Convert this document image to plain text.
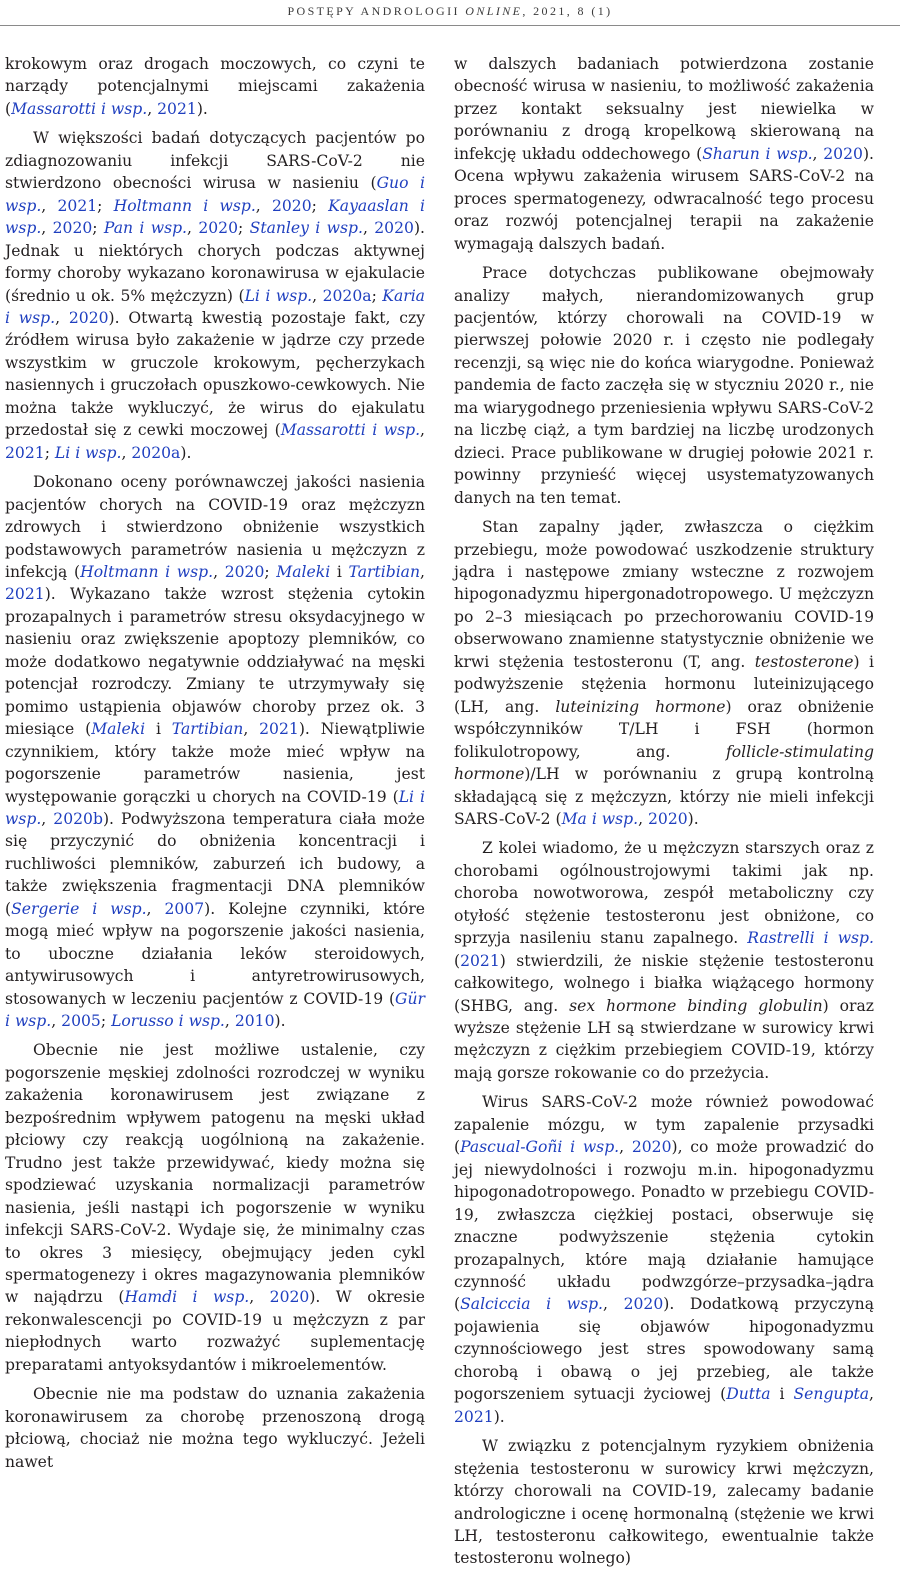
POSTĘPY ANDROLOGII ONLINE, 2021, 8 (1)

krokowym oraz drogach moczowych, co czyni te narządy potencjalnymi miejscami zakażenia (Massarotti i wsp., 2021).

W większości badań dotyczących pacjentów po zdiagnozowaniu infekcji SARS-CoV-2 nie stwierdzono obecności wirusa w nasieniu (Guo i wsp., 2021; Holtmann i wsp., 2020; Kayaaslan i wsp., 2020; Pan i wsp., 2020; Stanley i wsp., 2020). Jednak u niektórych chorych podczas aktywnej formy choroby wykazano koronawirusa w ejakulacie (średnio u ok. 5% mężczyzn) (Li i wsp., 2020a; Karia i wsp., 2020). Otwartą kwestią pozostaje fakt, czy źródłem wirusa było zakażenie w jądrze czy przede wszystkim w gruczole krokowym, pęcherzykach nasiennych i gruczołach opuszkowo-cewkowych. Nie można także wykluczyć, że wirus do ejakulatu przedostał się z cewki moczowej (Massarotti i wsp., 2021; Li i wsp., 2020a).

Dokonano oceny porównawczej jakości nasienia pacjentów chorych na COVID-19 oraz mężczyzn zdrowych i stwierdzono obniżenie wszystkich podstawowych parametrów nasienia u mężczyzn z infekcją (Holtmann i wsp., 2020; Maleki i Tartibian, 2021). Wykazano także wzrost stężenia cytokin prozapalnych i parametrów stresu oksydacyjnego w nasieniu oraz zwiększenie apoptozy plemników, co może dodatkowo negatywnie oddziaływać na męski potencjał rozrodczy. Zmiany te utrzymywały się pomimo ustąpienia objawów choroby przez ok. 3 miesiące (Maleki i Tartibian, 2021). Niewątpliwie czynnikiem, który także może mieć wpływ na pogorszenie parametrów nasienia, jest występowanie gorączki u chorych na COVID-19 (Li i wsp., 2020b). Podwyższona temperatura ciała może się przyczynić do obniżenia koncentracji i ruchliwości plemników, zaburzeń ich budowy, a także zwiększenia fragmentacji DNA plemników (Sergerie i wsp., 2007). Kolejne czynniki, które mogą mieć wpływ na pogorszenie jakości nasienia, to uboczne działania leków steroidowych, antywirusowych i antyretrowirusowych, stosowanych w leczeniu pacjentów z COVID-19 (Gür i wsp., 2005; Lorusso i wsp., 2010).

Obecnie nie jest możliwe ustalenie, czy pogorszenie męskiej zdolności rozrodczej w wyniku zakażenia koronawirusem jest związane z bezpośrednim wpływem patogenu na męski układ płciowy czy reakcją uogólnioną na zakażenie. Trudno jest także przewidywać, kiedy można się spodziewać uzyskania normalizacji parametrów nasienia, jeśli nastąpi ich pogorszenie w wyniku infekcji SARS-CoV-2. Wydaje się, że minimalny czas to okres 3 miesięcy, obejmujący jeden cykl spermatogenezy i okres magazynowania plemników w najądrzu (Hamdi i wsp., 2020). W okresie rekonwalescencji po COVID-19 u mężczyzn z par niepłodnych warto rozważyć suplementację preparatami antyoksydantów i mikroelementów.

Obecnie nie ma podstaw do uznania zakażenia koronawirusem za chorobę przenoszoną drogą płciową, chociaż nie można tego wykluczyć. Jeżeli nawet

w dalszych badaniach potwierdzona zostanie obecność wirusa w nasieniu, to możliwość zakażenia przez kontakt seksualny jest niewielka w porównaniu z drogą kropelkową skierowaną na infekcję układu oddechowego (Sharun i wsp., 2020). Ocena wpływu zakażenia wirusem SARS-CoV-2 na proces spermatogenezy, odwracalność tego procesu oraz rozwój potencjalnej terapii na zakażenie wymagają dalszych badań.

Prace dotychczas publikowane obejmowały analizy małych, nierandomizowanych grup pacjentów, którzy chorowali na COVID-19 w pierwszej połowie 2020 r. i często nie podlegały recenzji, są więc nie do końca wiarygodne. Ponieważ pandemia de facto zaczęła się w styczniu 2020 r., nie ma wiarygodnego przeniesienia wpływu SARS-CoV-2 na liczbę ciąż, a tym bardziej na liczbę urodzonych dzieci. Prace publikowane w drugiej połowie 2021 r. powinny przynieść więcej usystematyzowanych danych na ten temat.

Stan zapalny jąder, zwłaszcza o ciężkim przebiegu, może powodować uszkodzenie struktury jądra i następowe zmiany wsteczne z rozwojem hipogonadyzmu hipergonadotropowego. U mężczyzn po 2–3 miesiącach po przechorowaniu COVID-19 obserwowano znamienne statystycznie obniżenie we krwi stężenia testosteronu (T, ang. testosterone) i podwyższenie stężenia hormonu luteinizującego (LH, ang. luteinizing hormone) oraz obniżenie współczynników T/LH i FSH (hormon folikulotropowy, ang. follicle-stimulating hormone)/LH w porównaniu z grupą kontrolną składającą się z mężczyzn, którzy nie mieli infekcji SARS-CoV-2 (Ma i wsp., 2020).

Z kolei wiadomo, że u mężczyzn starszych oraz z chorobami ogólnoustrojowymi takimi jak np. choroba nowotworowa, zespół metaboliczny czy otyłość stężenie testosteronu jest obniżone, co sprzyja nasileniu stanu zapalnego. Rastrelli i wsp. (2021) stwierdzili, że niskie stężenie testosteronu całkowitego, wolnego i białka wiążącego hormony (SHBG, ang. sex hormone binding globulin) oraz wyższe stężenie LH są stwierdzane w surowicy krwi mężczyzn z ciężkim przebiegiem COVID-19, którzy mają gorsze rokowanie co do przeżycia.

Wirus SARS-CoV-2 może również powodować zapalenie mózgu, w tym zapalenie przysadki (Pascual-Goñi i wsp., 2020), co może prowadzić do jej niewydolności i rozwoju m.in. hipogonadyzmu hipogonadotropowego. Ponadto w przebiegu COVID-19, zwłaszcza ciężkiej postaci, obserwuje się znaczne podwyższenie stężenia cytokin prozapalnych, które mają działanie hamujące czynność układu podwzgórze–przysadka–jądra (Salciccia i wsp., 2020). Dodatkową przyczyną pojawienia się objawów hipogonadyzmu czynnościowego jest stres spowodowany samą chorobą i obawą o jej przebieg, ale także pogorszeniem sytuacji życiowej (Dutta i Sengupta, 2021).

W związku z potencjalnym ryzykiem obniżenia stężenia testosteronu w surowicy krwi mężczyzn, którzy chorowali na COVID-19, zalecamy badanie andrologiczne i ocenę hormonalną (stężenie we krwi LH, testosteronu całkowitego, ewentualnie także testosteronu wolnego)
